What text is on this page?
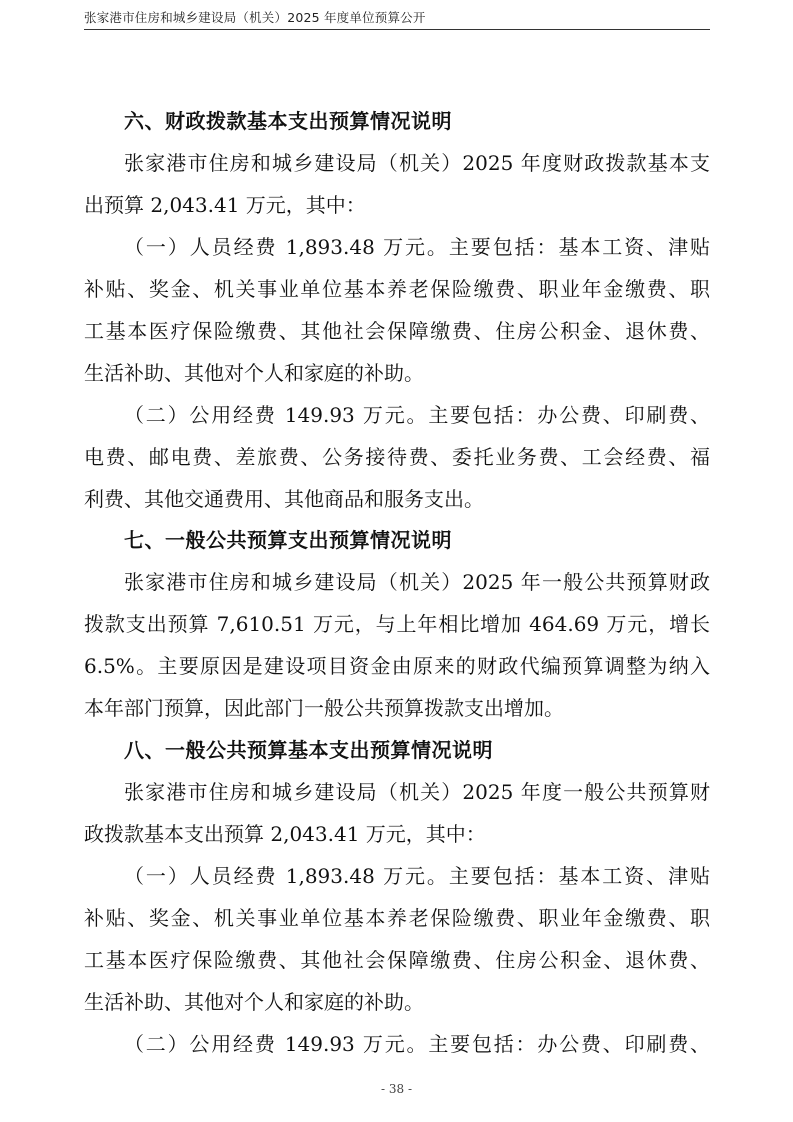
张家港市住房和城乡建设局（机关）2025 年度单位预算公开
六、财政拨款基本支出预算情况说明
张家港市住房和城乡建设局（机关）2025 年度财政拨款基本支
出预算 2,043.41 万元，其中：
（一）人员经费 1,893.48 万元。主要包括：基本工资、津贴
补贴、奖金、机关事业单位基本养老保险缴费、职业年金缴费、职
工基本医疗保险缴费、其他社会保障缴费、住房公积金、退休费、
生活补助、其他对个人和家庭的补助。
（二）公用经费 149.93 万元。主要包括：办公费、印刷费、
电费、邮电费、差旅费、公务接待费、委托业务费、工会经费、福
利费、其他交通费用、其他商品和服务支出。
七、一般公共预算支出预算情况说明
张家港市住房和城乡建设局（机关）2025 年一般公共预算财政
拨款支出预算 7,610.51 万元，与上年相比增加 464.69 万元，增长
6.5%。主要原因是建设项目资金由原来的财政代编预算调整为纳入
本年部门预算，因此部门一般公共预算拨款支出增加。
八、一般公共预算基本支出预算情况说明
张家港市住房和城乡建设局（机关）2025 年度一般公共预算财
政拨款基本支出预算 2,043.41 万元，其中：
（一）人员经费 1,893.48 万元。主要包括：基本工资、津贴
补贴、奖金、机关事业单位基本养老保险缴费、职业年金缴费、职
工基本医疗保险缴费、其他社会保障缴费、住房公积金、退休费、
生活补助、其他对个人和家庭的补助。
（二）公用经费 149.93 万元。主要包括：办公费、印刷费、
- 38 -
